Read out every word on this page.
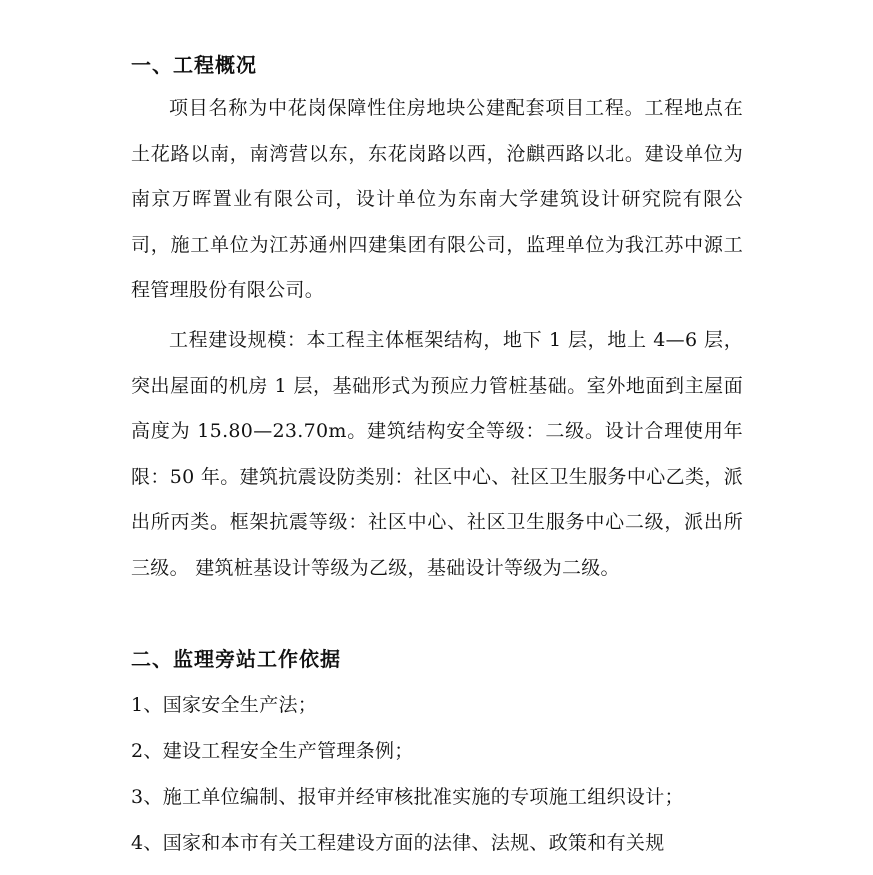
一、工程概况

项目名称为中花岗保障性住房地块公建配套项目工程。工程地点在土花路以南，南湾营以东，东花岗路以西，沧麒西路以北。建设单位为南京万晖置业有限公司，设计单位为东南大学建筑设计研究院有限公司，施工单位为江苏通州四建集团有限公司，监理单位为我江苏中源工程管理股份有限公司。

工程建设规模：本工程主体框架结构，地下 1 层，地上 4—6 层，突出屋面的机房 1 层，基础形式为预应力管桩基础。室外地面到主屋面高度为 15.80—23.70m。建筑结构安全等级：二级。设计合理使用年限：50 年。建筑抗震设防类别：社区中心、社区卫生服务中心乙类，派出所丙类。框架抗震等级：社区中心、社区卫生服务中心二级，派出所三级。 建筑桩基设计等级为乙级，基础设计等级为二级。

二、监理旁站工作依据
1、国家安全生产法；
2、建设工程安全生产管理条例；
3、施工单位编制、报审并经审核批准实施的专项施工组织设计；
4、国家和本市有关工程建设方面的法律、法规、政策和有关规
